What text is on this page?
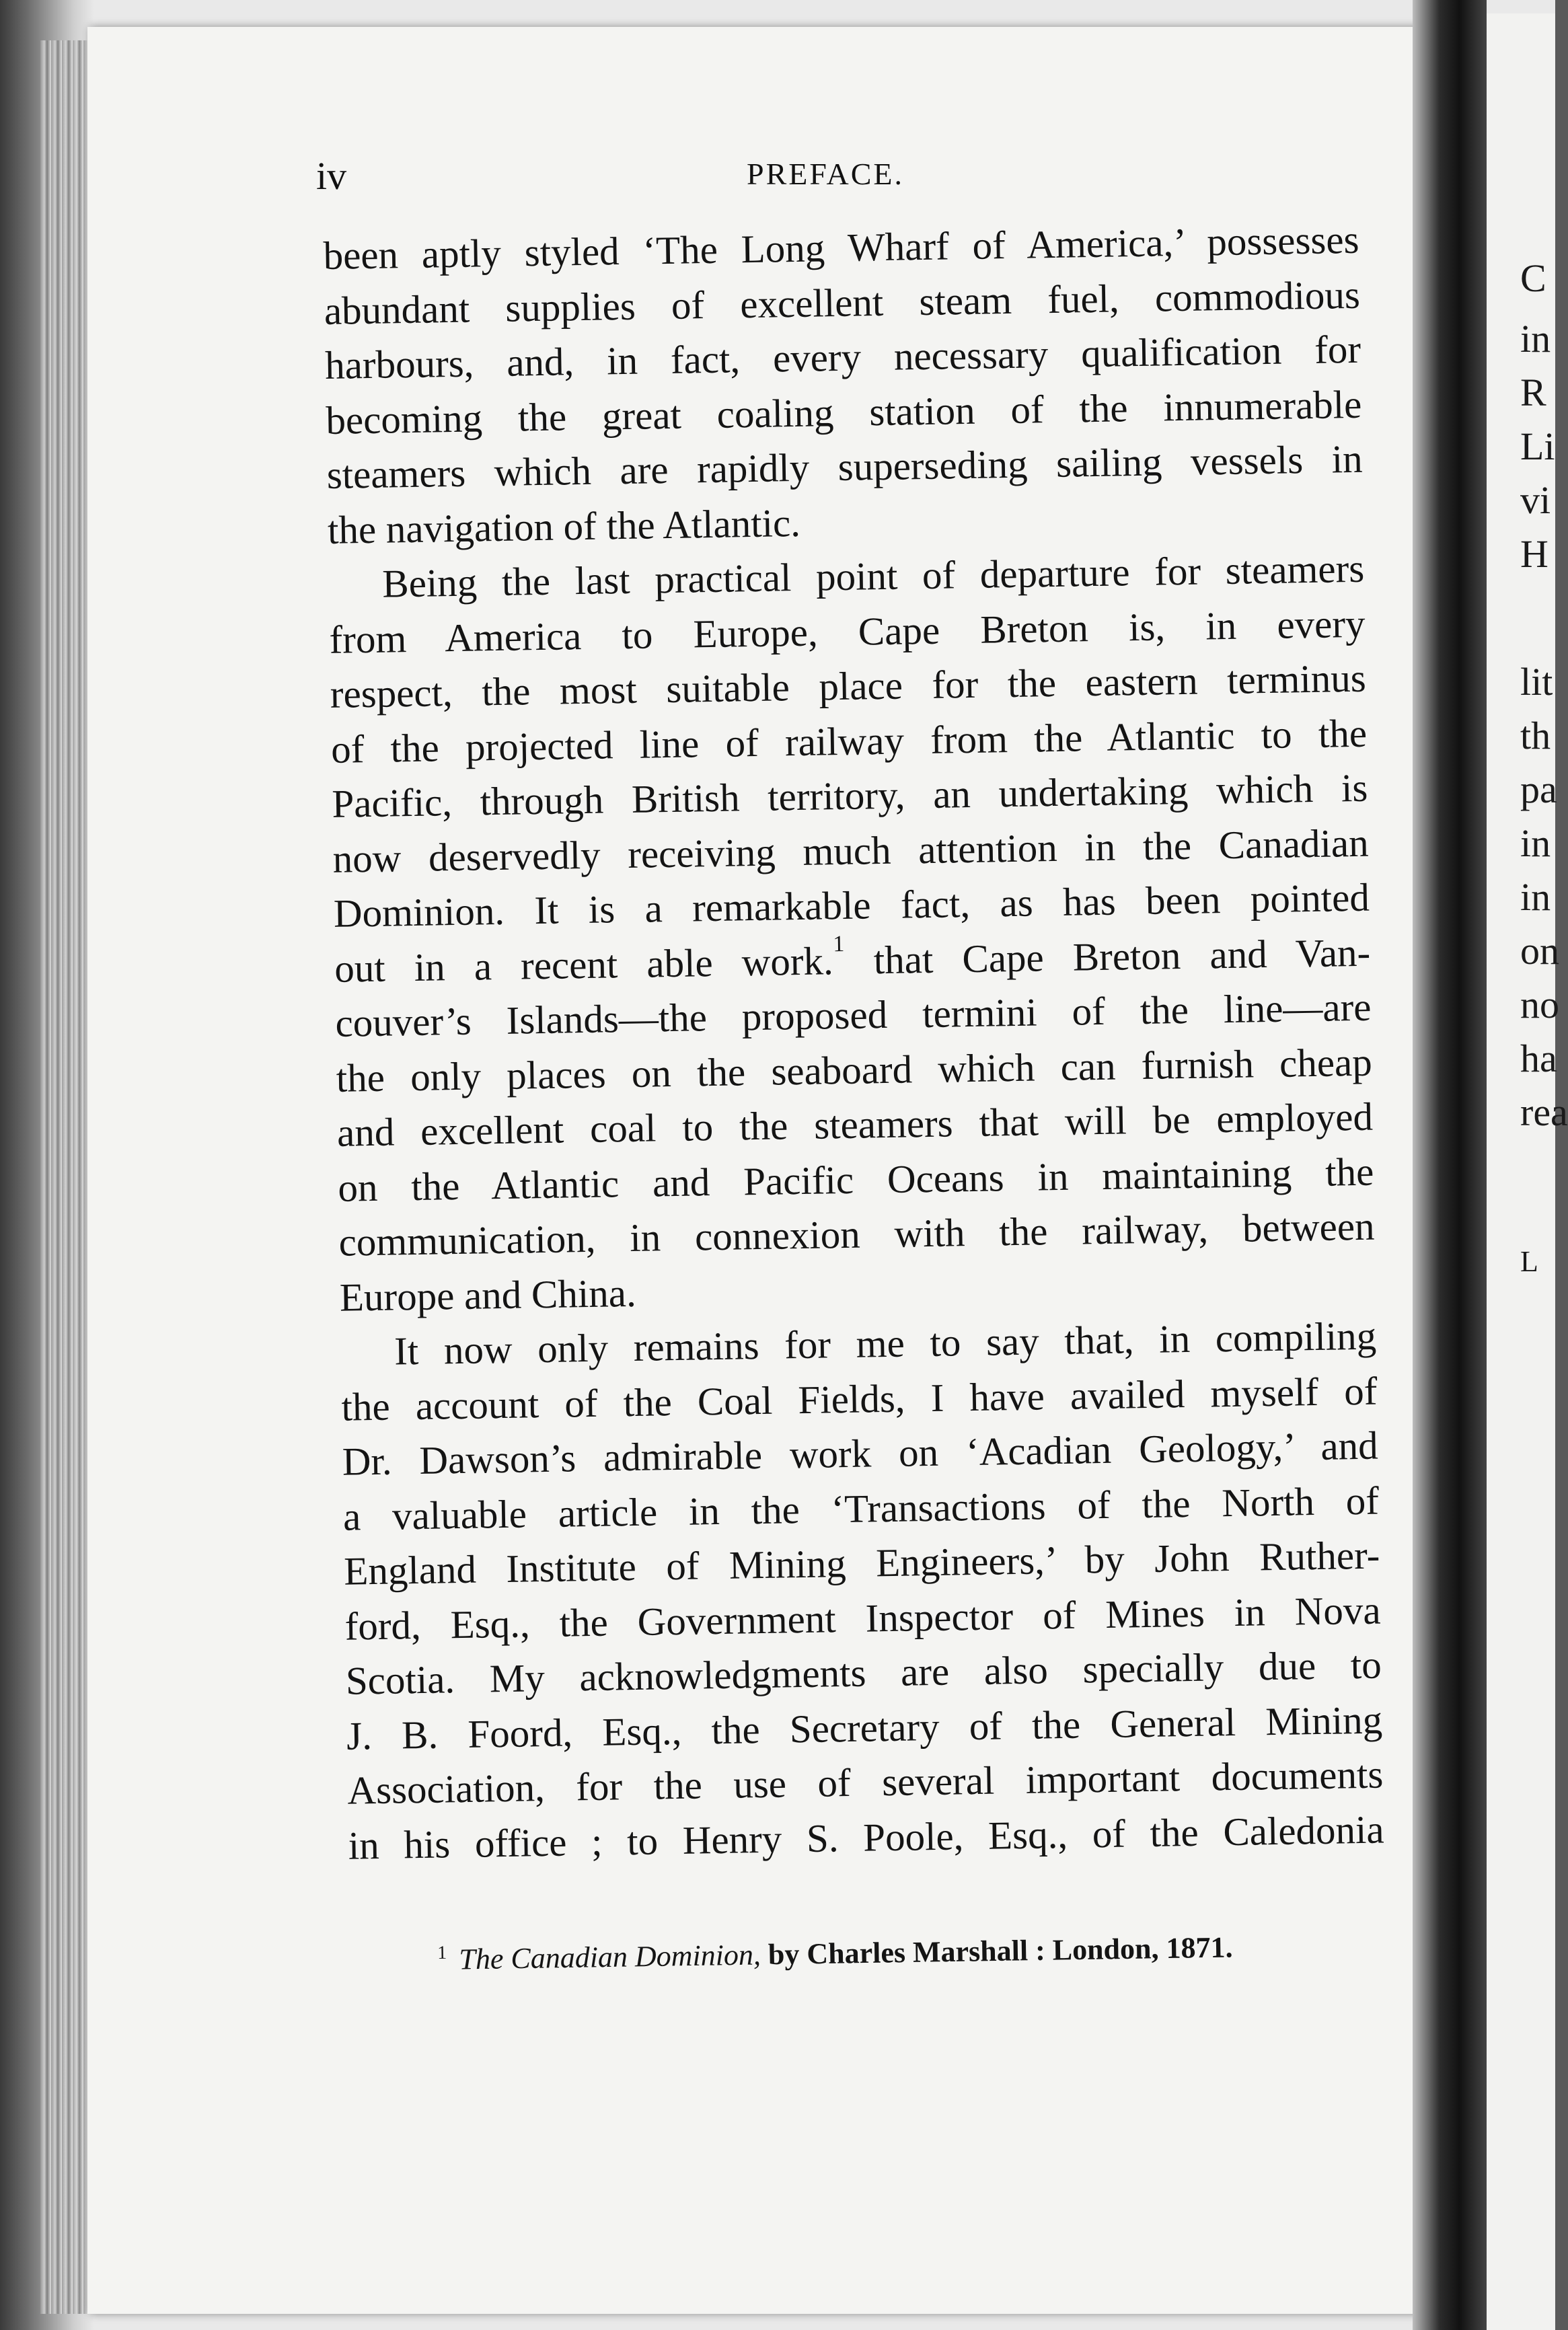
iv	PREFACE.
been aptly styled ‘The Long Wharf of America,’ possesses
abundant supplies of excellent steam fuel, commodious
harbours, and, in fact, every necessary qualification for
becoming the great coaling station of the innumerable
steamers which are rapidly superseding sailing vessels in
the navigation of the Atlantic.
Being the last practical point of departure for steamers
from America to Europe, Cape Breton is, in every
respect, the most suitable place for the eastern terminus
of the projected line of railway from the Atlantic to the
Pacific, through British territory, an undertaking which is
now deservedly receiving much attention in the Canadian
Dominion. It is a remarkable fact, as has been pointed
out in a recent able work.$^1$ that Cape Breton and Van-
couver’s Islands—the proposed termini of the line—are
the only places on the seaboard which can furnish cheap
and excellent coal to the steamers that will be employed
on the Atlantic and Pacific Oceans in maintaining the
communication, in connexion with the railway, between
Europe and China.
It now only remains for me to say that, in compiling
the account of the Coal Fields, I have availed myself of
Dr. Dawson’s admirable work on ‘Acadian Geology,’ and
a valuable article in the ‘Transactions of the North of
England Institute of Mining Engineers,’ by John Ruther-
ford, Esq., the Government Inspector of Mines in Nova
Scotia. My acknowledgments are also specially due to
J. B. Foord, Esq., the Secretary of the General Mining
Association, for the use of several important documents
in his office ; to Henry S. Poole, Esq., of the Caledonia
$^1$ The Canadian Dominion, by Charles Marshall : London, 1871.
C
in
R
Li
vi
H
lit
th
pa
in
in
on
no
ha
rea
L
